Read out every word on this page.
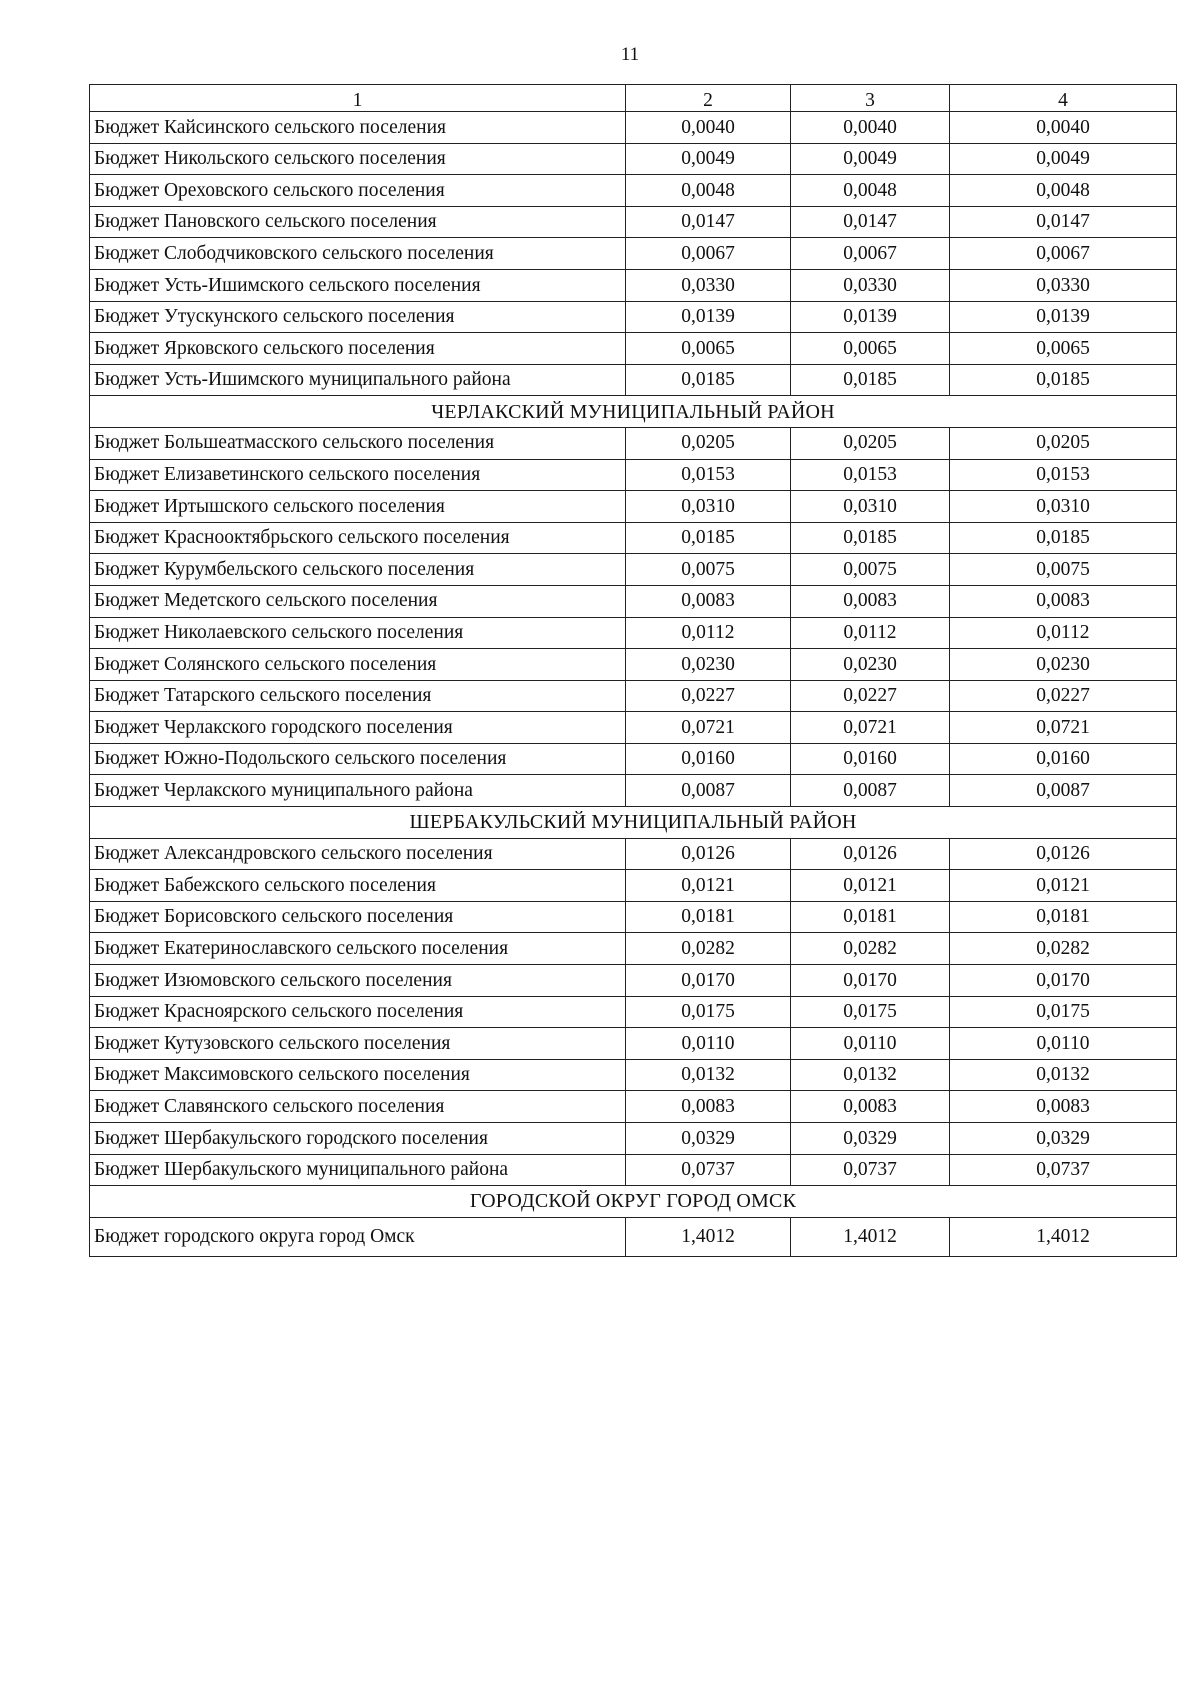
11
1	2	3	4
Бюджет Кайсинского сельского поселения	0,0040	0,0040	0,0040
Бюджет Никольского сельского поселения	0,0049	0,0049	0,0049
Бюджет Ореховского сельского поселения	0,0048	0,0048	0,0048
Бюджет Пановского сельского поселения	0,0147	0,0147	0,0147
Бюджет Слободчиковского сельского поселения	0,0067	0,0067	0,0067
Бюджет Усть-Ишимского сельского поселения	0,0330	0,0330	0,0330
Бюджет Утускунского сельского поселения	0,0139	0,0139	0,0139
Бюджет Ярковского сельского поселения	0,0065	0,0065	0,0065
Бюджет Усть-Ишимского муниципального района	0,0185	0,0185	0,0185
ЧЕРЛАКСКИЙ МУНИЦИПАЛЬНЫЙ РАЙОН			
Бюджет Большеатмасского сельского поселения	0,0205	0,0205	0,0205
Бюджет Елизаветинского сельского поселения	0,0153	0,0153	0,0153
Бюджет Иртышского сельского поселения	0,0310	0,0310	0,0310
Бюджет Краснооктябрьского сельского поселения	0,0185	0,0185	0,0185
Бюджет Курумбельского сельского поселения	0,0075	0,0075	0,0075
Бюджет Медетского сельского поселения	0,0083	0,0083	0,0083
Бюджет Николаевского сельского поселения	0,0112	0,0112	0,0112
Бюджет Солянского сельского поселения	0,0230	0,0230	0,0230
Бюджет Татарского сельского поселения	0,0227	0,0227	0,0227
Бюджет Черлакского городского поселения	0,0721	0,0721	0,0721
Бюджет Южно-Подольского сельского поселения	0,0160	0,0160	0,0160
Бюджет Черлакского муниципального района	0,0087	0,0087	0,0087
ШЕРБАКУЛЬСКИЙ МУНИЦИПАЛЬНЫЙ РАЙОН			
Бюджет Александровского сельского поселения	0,0126	0,0126	0,0126
Бюджет Бабежского сельского поселения	0,0121	0,0121	0,0121
Бюджет Борисовского сельского поселения	0,0181	0,0181	0,0181
Бюджет Екатеринославского сельского поселения	0,0282	0,0282	0,0282
Бюджет Изюмовского сельского поселения	0,0170	0,0170	0,0170
Бюджет Красноярского сельского поселения	0,0175	0,0175	0,0175
Бюджет Кутузовского сельского поселения	0,0110	0,0110	0,0110
Бюджет Максимовского сельского поселения	0,0132	0,0132	0,0132
Бюджет Славянского сельского поселения	0,0083	0,0083	0,0083
Бюджет Шербакульского городского поселения	0,0329	0,0329	0,0329
Бюджет Шербакульского муниципального района	0,0737	0,0737	0,0737
ГОРОДСКОЙ ОКРУГ ГОРОД ОМСК			
Бюджет городского округа город Омск	1,4012	1,4012	1,4012
